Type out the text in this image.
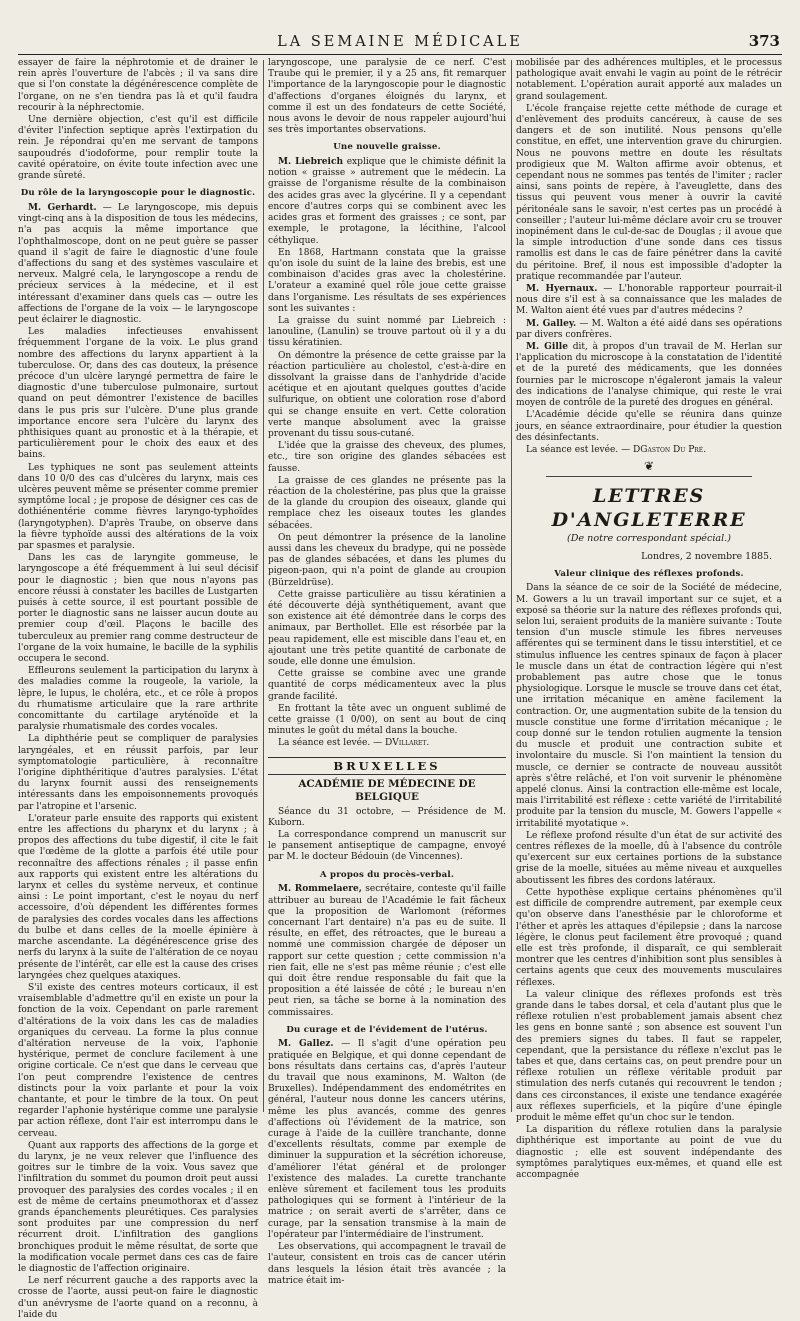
LA SEMAINE MÉDICALE	373

essayer de faire la néphrotomie et de drainer le rein après l'ouverture de l'abcès ; il va sans dire que si l'on constate la dégénérescence complète de l'organe, on ne s'en tiendra pas là et qu'il faudra recourir à la néphrectomie.

Une dernière objection, c'est qu'il est difficile d'éviter l'infection septique après l'extirpation du rein. Je répondrai qu'en me servant de tampons saupoudrés d'iodoforme, pour remplir toute la cavité opératoire, on évite toute infection avec une grande sûreté.

Du rôle de la laryngoscopie pour le diagnostic.

M. Gerhardt. — Le laryngoscope, mis depuis vingt-cinq ans à la disposition de tous les médecins, n'a pas acquis la même importance que l'ophthalmoscope, dont on ne peut guère se passer quand il s'agit de faire le diagnostic d'une foule d'affections du sang et des systèmes vasculaire et nerveux. Malgré cela, le laryngoscope a rendu de précieux services à la médecine, et il est intéressant d'examiner dans quels cas — outre les affections de l'organe de la voix — le laryngoscope peut éclairer le diagnostic.

Les maladies infectieuses envahissent fréquemment l'organe de la voix. Le plus grand nombre des affections du larynx appartient à la tuberculose. Or, dans des cas douteux, la présence précoce d'un ulcère laryngé permettra de faire le diagnostic d'une tuberculose pulmonaire, surtout quand on peut démontrer l'existence de bacilles dans le pus pris sur l'ulcère. D'une plus grande importance encore sera l'ulcère du larynx des phthisiques quant au pronostic et à la thérapie, et particulièrement pour le choix des eaux et des bains.

Les typhiques ne sont pas seulement atteints dans 10 0/0 des cas d'ulcères du larynx, mais ces ulcères peuvent même se présenter comme premier symptôme local ; je propose de désigner ces cas de dothiénentérie comme fièvres laryngo-typhoïdes (laryngotyphen). D'après Traube, on observe dans la fièvre typhoïde aussi des altérations de la voix par spasmes et paralysie.

Dans les cas de laryngite gommeuse, le laryngoscope a été fréquemment à lui seul décisif pour le diagnostic ; bien que nous n'ayons pas encore réussi à constater les bacilles de Lustgarten puisés à cette source, il est pourtant possible de porter le diagnostic sans ne laisser aucun doute au premier coup d'œil. Plaçons le bacille des tuberculeux au premier rang comme destructeur de l'organe de la voix humaine, le bacille de la syphilis occupera le second.

Effleurons seulement la participation du larynx à des maladies comme la rougeole, la variole, la lèpre, le lupus, le choléra, etc., et ce rôle à propos du rhumatisme articulaire que la rare arthrite concomittante du cartilage aryténoïde et la paralysie rhumatismale des cordes vocales.

La diphthérie peut se compliquer de paralysies laryngéales, et en réussit parfois, par leur symptomatologie particulière, à reconnaître l'origine diphthéritique d'autres paralysies. L'état du larynx fournit aussi des renseignements intéressants dans les empoisonnements provoqués par l'atropine et l'arsenic.

L'orateur parle ensuite des rapports qui existent entre les affections du pharynx et du larynx ; à propos des affections du tube digestif, il cite le fait que l'œdème de la glotte a parfois été utile pour reconnaître des affections rénales ; il passe enfin aux rapports qui existent entre les altérations du larynx et celles du système nerveux, et continue ainsi : Le point important, c'est le noyau du nerf accessoire, d'où dépendent les différentes formes de paralysies des cordes vocales dans les affections du bulbe et dans celles de la moelle épinière à marche ascendante. La dégénérescence grise des nerfs du larynx à la suite de l'altération de ce noyau présente de l'intérêt, car elle est la cause des crises laryngées chez quelques ataxiques.

S'il existe des centres moteurs corticaux, il est vraisemblable d'admettre qu'il en existe un pour la fonction de la voix. Cependant on parle rarement d'altérations de la voix dans les cas de maladies organiques du cerveau. La forme la plus connue d'altération nerveuse de la voix, l'aphonie hystérique, permet de conclure facilement à une origine corticale. Ce n'est que dans le cerveau que l'on peut comprendre l'existence de centres distincts pour la voix parlante et pour la voix chantante, et pour le timbre de la toux. On peut regarder l'aphonie hystérique comme une paralysie par action réflexe, dont l'air est interrompu dans le cerveau.

Quant aux rapports des affections de la gorge et du larynx, je ne veux relever que l'influence des goitres sur le timbre de la voix. Vous savez que l'infiltration du sommet du poumon droit peut aussi provoquer des paralysies des cordes vocales ; il en est de même de certains pneumothorax et d'assez grands épanchements pleurétiques. Ces paralysies sont produites par une compression du nerf récurrent droit. L'infiltration des ganglions bronchiques produit le même résultat, de sorte que la modification vocale permet dans ces cas de faire le diagnostic de l'affection originaire.

Le nerf récurrent gauche a des rapports avec la crosse de l'aorte, aussi peut-on faire le diagnostic d'un anévrysme de l'aorte quand on a reconnu, à l'aide du

laryngoscope, une paralysie de ce nerf. C'est Traube qui le premier, il y a 25 ans, fit remarquer l'importance de la laryngoscopie pour le diagnostic d'affections d'organes éloignés du larynx, et comme il est un des fondateurs de cette Société, nous avons le devoir de nous rappeler aujourd'hui ses très importantes observations.

Une nouvelle graisse.

M. Liebreich explique que le chimiste définit la notion « graisse » autrement que le médecin. La graisse de l'organisme résulte de la combinaison des acides gras avec la glycérine. Il y a cependant encore d'autres corps qui se combinent avec les acides gras et forment des graisses ; ce sont, par exemple, le protagone, la lécithine, l'alcool céthylique.

En 1868, Hartmann constata que la graisse qu'on isole du suint de la laine des brebis, est une combinaison d'acides gras avec la cholestérine. L'orateur a examiné quel rôle joue cette graisse dans l'organisme. Les résultats de ses expériences sont les suivantes :

La graisse du suint nommé par Liebreich : lanouline, (Lanulin) se trouve partout où il y a du tissu kératinien.

On démontre la présence de cette graisse par la réaction particulière au cholestol, c'est-à-dire en dissolvant la graisse dans de l'anhydride d'acide acétique et en ajoutant quelques gouttes d'acide sulfurique, on obtient une coloration rose d'abord qui se change ensuite en vert. Cette coloration verte manque absolument avec la graisse provenant du tissu sous-cutané.

L'idée que la graisse des cheveux, des plumes, etc., tire son origine des glandes sébacées est fausse.

La graisse de ces glandes ne présente pas la réaction de la cholestérine, pas plus que la graisse de la glande du croupion des oiseaux, glande qui remplace chez les oiseaux toutes les glandes sébacées.

On peut démontrer la présence de la lanoline aussi dans les cheveux du bradype, qui ne possède pas de glandes sébacées, et dans les plumes du pigeon-paon, qui n'a point de glande au croupion (Bürzeldrüse).

Cette graisse particulière au tissu kératinien a été découverte déjà synthétiquement, avant que son existence ait été démontrée dans le corps des animaux, par Berthollet. Elle est résorbée par la peau rapidement, elle est miscible dans l'eau et, en ajoutant une très petite quantité de carbonate de soude, elle donne une émulsion.

Cette graisse se combine avec une grande quantité de corps médicamenteux avec la plus grande facilité.

En frottant la tête avec un onguent sublimé de cette graisse (1 0/00), on sent au bout de cinq minutes le goût du métal dans la bouche.

La séance est levée. — DVillaret.

BRUXELLES
ACADÉMIE DE MÉDECINE DE BELGIQUE

Séance du 31 octobre, — Présidence de M. Kuborn.

La correspondance comprend un manuscrit sur le pansement antiseptique de campagne, envoyé par M. le docteur Bédouin (de Vincennes).

A propos du procès-verbal.

M. Rommelaere, secrétaire, conteste qu'il faille attribuer au bureau de l'Académie le fait fâcheux que la proposition de Warlomont (réformes concernant l'art dentaire) n'a pas eu de suite. Il résulte, en effet, des rétroactes, que le bureau a nommé une commission chargée de déposer un rapport sur cette question ; cette commission n'a rien fait, elle ne s'est pas même réunie ; c'est elle qui doit être rendue responsable du fait que la proposition a été laissée de côté ; le bureau n'en peut rien, sa tâche se borne à la nomination des commissaires.

Du curage et de l'évidement de l'utérus.

M. Gallez. — Il s'agit d'une opération peu pratiquée en Belgique, et qui donne cependant de bons résultats dans certains cas, d'après l'auteur du travail que nous examinons, M. Walton (de Bruxelles). Indépendamment des endométrites en général, l'auteur nous donne les cancers utérins, même les plus avancés, comme des genres d'affections où l'évidement de la matrice, son curage à l'aide de la cuillère tranchante, donne d'excellents résultats, comme par exemple de diminuer la suppuration et la sécrétion ichoreuse, d'améliorer l'état général et de prolonger l'existence des malades. La curette tranchante enlève sûrement et facilement tous les produits pathologiques qui se forment à l'intérieur de la matrice ; on serait averti de s'arrêter, dans ce curage, par la sensation transmise à la main de l'opérateur par l'intermédiaire de l'instrument.

Les observations, qui accompagnent le travail de l'auteur, consistent en trois cas de cancer utérin dans lesquels la lésion était très avancée ; la matrice était im-

mobilisée par des adhérences multiples, et le processus pathologique avait envahi le vagin au point de le rétrécir notablement. L'opération aurait apporté aux malades un grand soulagement.

L'école française rejette cette méthode de curage et d'enlèvement des produits cancéreux, à cause de ses dangers et de son inutilité. Nous pensons qu'elle constitue, en effet, une intervention grave du chirurgien. Nous ne pouvons mettre en doute les résultats prodigieux que M. Walton affirme avoir obtenus, et cependant nous ne sommes pas tentés de l'imiter ; racler ainsi, sans points de repère, à l'aveuglette, dans des tissus qui peuvent vous mener à ouvrir la cavité péritonéale sans le savoir, n'est certes pas un procédé à conseiller ; l'auteur lui-même déclare avoir cru se trouver inopinément dans le cul-de-sac de Douglas ; il avoue que la simple introduction d'une sonde dans ces tissus ramollis est dans le cas de faire pénétrer dans la cavité du péritoine. Bref, il nous est impossible d'adopter la pratique recommandée par l'auteur.

M. Hyernaux. — L'honorable rapporteur pourrait-il nous dire s'il est à sa connaissance que les malades de M. Walton aient été vues par d'autres médecins ?

M. Galley. — M. Walton a été aidé dans ses opérations par divers confrères.

M. Gille dit, à propos d'un travail de M. Herlan sur l'application du microscope à la constatation de l'identité et de la pureté des médicaments, que les données fournies par le microscope n'égaleront jamais la valeur des indications de l'analyse chimique, qui reste le vrai moyen de contrôle de la pureté des drogues en général.

L'Académie décide qu'elle se réunira dans quinze jours, en séance extraordinaire, pour étudier la question des désinfectants.

La séance est levée. — DGaston Du Pré.

❦
LETTRES D'ANGLETERRE
(De notre correspondant spécial.)
Londres, 2 novembre 1885.
Valeur clinique des réflexes profonds.

Dans la séance de ce soir de la Société de médecine, M. Gowers a lu un travail important sur ce sujet, et a exposé sa théorie sur la nature des réflexes profonds qui, selon lui, seraient produits de la manière suivante : Toute tension d'un muscle stimule les fibres nerveuses afférentes qui se terminent dans le tissu interstitiel, et ce stimulus influence les centres spinaux de façon à placer le muscle dans un état de contraction légère qui n'est probablement pas autre chose que le tonus physiologique. Lorsque le muscle se trouve dans cet état, une irritation mécanique en amène facilement la contraction. Or, une augmentation subite de la tension du muscle constitue une forme d'irritation mécanique ; le coup donné sur le tendon rotulien augmente la tension du muscle et produit une contraction subite et involontaire du muscle. Si l'on maintient la tension du muscle, ce dernier se contracte de nouveau aussitôt après s'être relâché, et l'on voit survenir le phénomène appelé clonus. Ainsi la contraction elle-même est locale, mais l'irritabilité est réflexe : cette variété de l'irritabilité produite par la tension du muscle, M. Gowers l'appelle « irritabilité myotatique ».

Le réflexe profond résulte d'un état de sur activité des centres réflexes de la moelle, dû à l'absence du contrôle qu'exercent sur eux certaines portions de la substance grise de la moelle, situées au même niveau et auxquelles aboutissent les fibres des cordons latéraux.

Cette hypothèse explique certains phénomènes qu'il est difficile de comprendre autrement, par exemple ceux qu'on observe dans l'anesthésie par le chloroforme et l'éther et après les attaques d'épilepsie ; dans la narcose légère, le clonus peut facilement être provoqué ; quand elle est très profonde, il disparaît, ce qui semblerait montrer que les centres d'inhibition sont plus sensibles à certains agents que ceux des mouvements musculaires réflexes.

La valeur clinique des réflexes profonds est très grande dans le tabes dorsal, et cela d'autant plus que le réflexe rotulien n'est probablement jamais absent chez les gens en bonne santé ; son absence est souvent l'un des premiers signes du tabes. Il faut se rappeler, cependant, que la persistance du réflexe n'exclut pas le tabes et que, dans certains cas, on peut prendre pour un réflexe rotulien un réflexe véritable produit par stimulation des nerfs cutanés qui recouvrent le tendon ; dans ces circonstances, il existe une tendance exagérée aux réflexes superficiels, et la piqûre d'une épingle produit le même effet qu'un choc sur le tendon.

La disparition du réflexe rotulien dans la paralysie diphthérique est importante au point de vue du diagnostic ; elle est souvent indépendante des symptômes paralytiques eux-mêmes, et quand elle est accompagnée
